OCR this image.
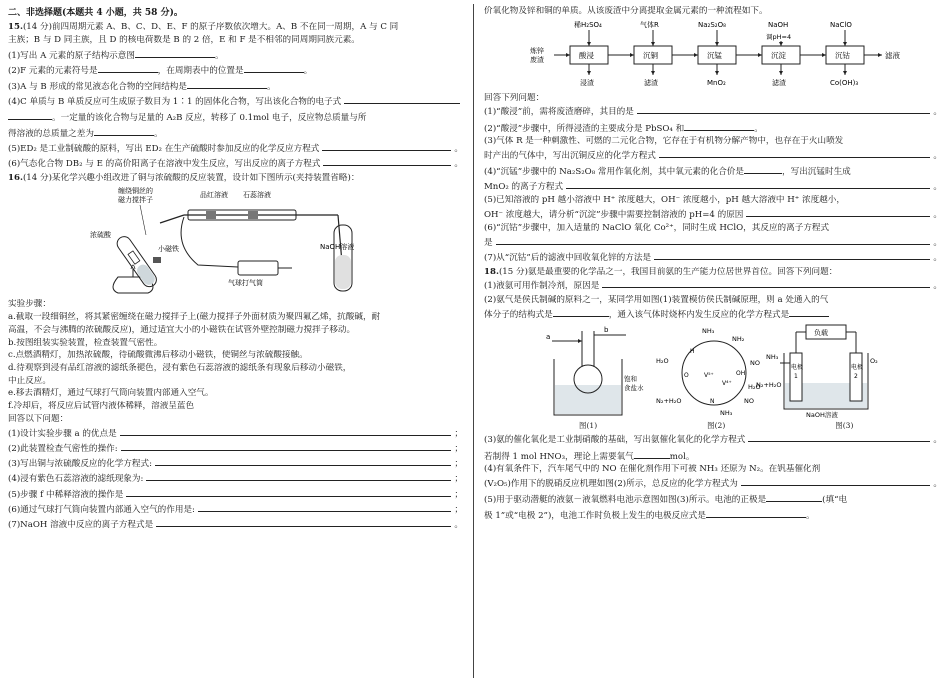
二、非选择题(本题共 4 小题，共 58 分)。
15.(14 分)前四周期元素 A、B、C、D、E、F 的原子序数依次增大。A、B 不在同一周期，A 与 C 同
主族；B 与 D 同主族，且 D 的核电荷数是 B 的 2 倍，E 和 F 是不相邻的同周期同族元素。
(1)写出 A 元素的原子结构示意图	。
(2)F 元素的元素符号是	，在周期表中的位置是	。
(3)A 与 B 形成的常见液态化合物的空间结构是	。
(4)C 单质与 B 单质反应可生成原子数目为 1∶1 的固体化合物，写出该化合物的电子式
。一定量的该化合物与足量的 A₂B 反应，转移了 0.1mol 电子，反应物总质量与所
得溶液的总质量之差为	。
(5)ED₂ 是工业制硫酸的原料，写出 ED₂ 在生产硫酸时参加反应的化学反应方程式	。
(6)气态化合物 DB₂ 与 E 的高价阳离子在溶液中发生反应，写出反应的离子方程式	。
16.(14 分)某化学兴趣小组改进了铜与浓硫酸的反应装置，设计如下图所示(夹持装置省略)：
缠绕铜丝的
磁力搅拌子
品红溶液 石蕊溶液
浓硫酸
小磁铁
气球打气筒
NaOH溶液
实验步骤：
a.截取一段细铜丝，将其紧密缠绕在磁力搅拌子上(磁力搅拌子外面材质为聚四氟乙烯，抗酸碱，耐
高温，不会与沸腾的浓硫酸反应)，通过适宜大小的小磁铁在试管外壁控制磁力搅拌子移动。
b.按图组装实验装置，检查装置气密性。
c.点燃酒精灯，加热浓硫酸，待硫酸微沸后移动小磁铁，使铜丝与浓硫酸接触。
d.待观察到浸有品红溶液的滤纸条褪色，浸有紫色石蕊溶液的滤纸条有现象后移动小磁铁，
中止反应。
e.移去酒精灯，通过气球打气筒向装置内部通入空气。
f.冷却后，将反应后试管内液体稀释，溶液呈蓝色
回答以下问题：
(1)设计实验步骤 a 的优点是	；
(2)此装置检查气密性的操作:	；
(3)写出铜与浓硫酸反应的化学方程式:	；
(4)浸有紫色石蕊溶液的滤纸现象为:	；
(5)步骤 f 中稀释溶液的操作是	；
(6)通过气球打气筒向装置内部通入空气的作用是:	；
(7)NaOH 溶液中反应的离子方程式是	。
价氧化物及锌和铜的单质。从该废渣中分离提取金属元素的一种流程如下。
炼锌
废渣	酸浸	沉铜	沉锰	沉淀	沉钴	滤液
稀H₂SO₄	气体R	Na₂S₂O₈	NaOH
调pH=4
NaClO
浸渣	滤渣	MnO₂	滤渣	Co(OH)₃
回答下列问题：
(1)“酸浸”前，需将废渣磨碎，其目的是	。
(2)“酸浸”步骤中，所得浸渣的主要成分是 PbSO₄ 和	。
(3)气体 R 是一种刺激性、可燃的二元化合物，它存在于有机物分解产物中，也存在于火山喷发
时产出的气体中，写出沉铜反应的化学方程式	。
(4)“沉锰”步骤中的 Na₂S₂O₈ 常用作氧化剂，其中氧元素的化合价是	，写出沉锰时生成
MnO₂ 的离子方程式	。
(5)已知溶液的 pH 越小溶液中 H⁺ 浓度越大，OH⁻ 浓度越小，pH 越大溶液中 H⁺ 浓度越小，
OH⁻ 浓度越大，请分析“沉淀”步骤中需要控制溶液的 pH=4 的原因	。
(6)“沉钴”步骤中，加入适量的 NaClO 氧化 Co²⁺，同时生成 HClO，其反应的离子方程式
是	。
(7)从“沉钴”后的滤液中回收氧化锌的方法是	。
18.(15 分)氨是最重要的化学品之一，我国目前氨的生产能力位居世界首位。回答下列问题：
(1)液氨可用作制冷剂，原因是	。
(2)氨气是侯氏制碱的原料之一，某同学用如图(1)装置模仿侯氏制碱原理，则 a 处通入的气
体分子的结构式是	，通入该气体时烧杯内发生反应的化学方程式是
a
b
饱和
食盐水
NH₃
NH₂
NO
H₂O
H
V⁵⁺
V⁴⁺
O	OH
N₂+H₂O	N
H₂O
NH₃
NO
负载
电极
1
电极
2
NH₃
N₂+H₂O
O₂
NaOH溶液
图(1)	图(2)	图(3)
(3)氨的催化氧化是工业制硝酸的基础，写出氨催化氧化的化学方程式	。
若制得 1 mol HNO₃，理论上需要氧气	mol。
(4)有氧条件下，汽车尾气中的 NO 在催化剂作用下可被 NH₃ 还原为 N₂。在钒基催化剂
(V₂O₅)作用下的脱硝反应机理如图(2)所示，总反应的化学方程式为	。
(5)用于驱动潜艇的液氨－液氧燃料电池示意图如图(3)所示。电池的正极是	(填“电
极 1”或“电极 2”)，电池工作时负极上发生的电极反应式是	。
